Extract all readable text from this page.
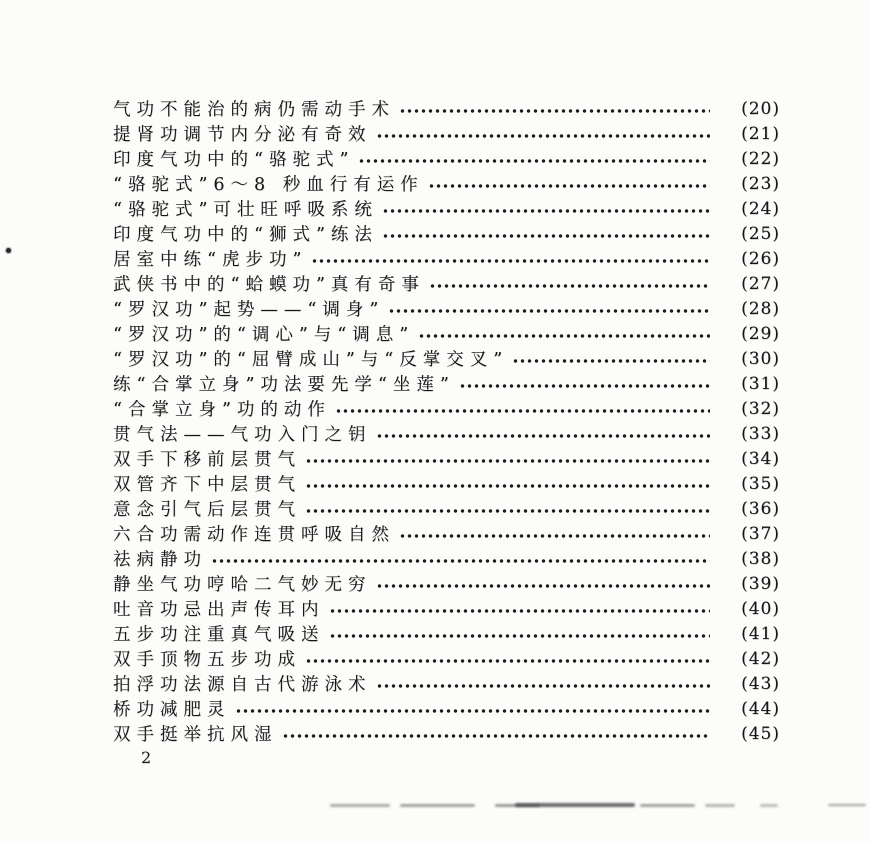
气功不能治的病仍需动手术	(20)
提肾功调节内分泌有奇效	(21)
印度气功中的“骆驼式”	(22)
“骆驼式”6～8 秒血行有运作	(23)
“骆驼式”可壮旺呼吸系统	(24)
印度气功中的“狮式”练法	(25)
居室中练“虎步功”	(26)
武侠书中的“蛤蟆功”真有奇事	(27)
“罗汉功”起势——“调身”	(28)
“罗汉功”的“调心”与“调息”	(29)
“罗汉功”的“屈臂成山”与“反掌交叉”	(30)
练“合掌立身”功法要先学“坐莲”	(31)
“合掌立身”功的动作	(32)
贯气法——气功入门之钥	(33)
双手下移前层贯气	(34)
双管齐下中层贯气	(35)
意念引气后层贯气	(36)
六合功需动作连贯呼吸自然	(37)
祛病静功	(38)
静坐气功哼哈二气妙无穷	(39)
吐音功忌出声传耳内	(40)
五步功注重真气吸送	(41)
双手顶物五步功成	(42)
拍浮功法源自古代游泳术	(43)
桥功减肥灵	(44)
双手挺举抗风湿	(45)
2
